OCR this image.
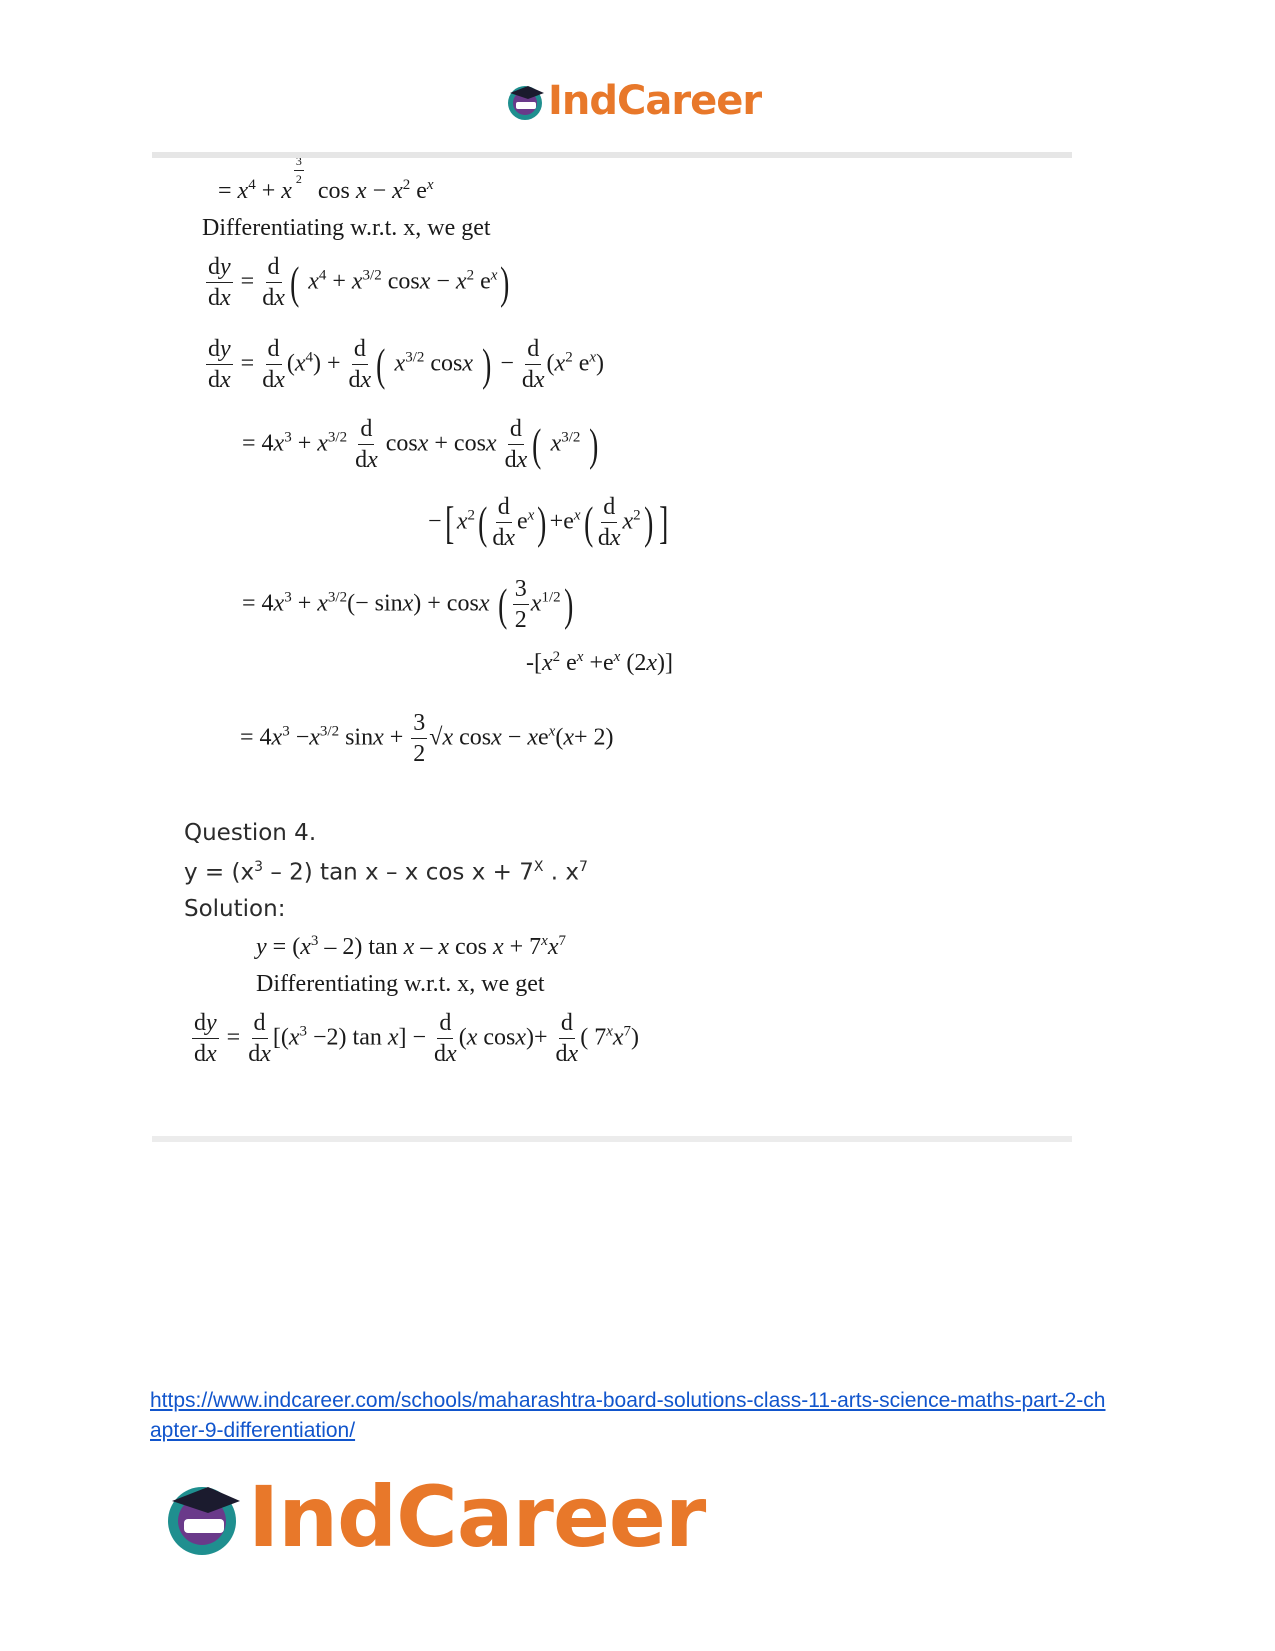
IndCareer
= $x^4 + x$
$^{\frac{3}{2}}$
$\cos x - x^2$ $e^x$
Differentiating w.r.t. x, we get
$\frac{dy}{dx} = \frac{d}{dx}$ ( $x^4 + x^{3/2}$ $\cos x - x^2$ $e^x$)
$\frac{dy}{dx} = \frac{d}{dx} (x^4) + \frac{d}{dx}$ ( $x^{3/2}$ cosx ) − $\frac{d}{dx} (x^2$ $e^x$)
= $4x^3 + x^{3/2} \frac{d}{dx}$ cosx + cosx $\frac{d}{dx}$ ( $x^{3/2}$ )
−[ $x^2( \frac{d}{dx} e^x) +e^x( \frac{d}{dx} x^2)$ ]
= $4x^3 + x^{3/2}(- \sin x) + \cos x$ ( $\frac{3}{2} x^{1/2}$)
$-[x^2$ $e^x +e^x$ (2x)]
= $4x^3 -x^{3/2}$ $\sin x + \frac{3}{2} √x$ $\cos x - xe^x(x+ 2)$
Question 4.
$y = (x^3 - 2)$ tan x – x $\cos x + 7^X$ . $x^7$
Solution:
$y = (x^3 - 2)$ tan x – x $\cos x + 7^xx^7$
Differentiating w.r.t. x, we get
$\frac{dy}{dx} = \frac{d}{dx} [(x^3 -2)$ $\tan x] - \frac{d}{dx} (x$ $\cos x)+ \frac{d}{dx}$ ( $7^xx^7$)
https://www.indcareer.com/schools/maharashtra-board-solutions-class-11-arts-science-maths-part-2-chapter-9-differentiation/
IndCareer
